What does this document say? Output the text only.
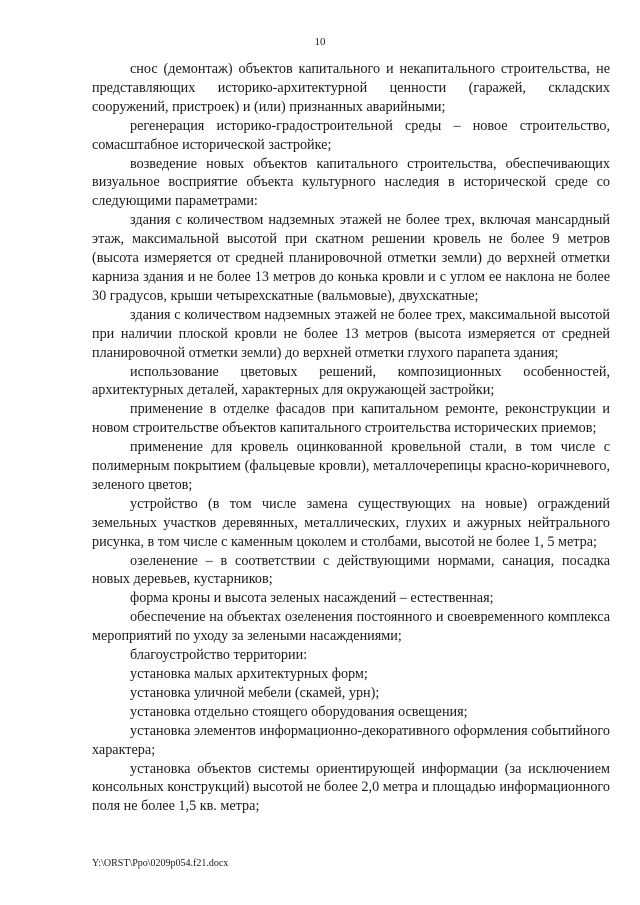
10

снос (демонтаж) объектов капитального и некапитального строительства, не представляющих историко-архитектурной ценности (гаражей, складских сооружений, пристроек) и (или) признанных аварийными;

регенерация историко-градостроительной среды – новое строительство, сомасштабное исторической застройке;

возведение новых объектов капитального строительства, обеспечивающих визуальное восприятие объекта культурного наследия в исторической среде со следующими параметрами:

здания с количеством надземных этажей не более трех, включая мансардный этаж, максимальной высотой при скатном решении кровель не более 9 метров (высота измеряется от средней планировочной отметки земли) до верхней отметки карниза здания и не более 13 метров до конька кровли и с углом ее наклона не более 30 градусов, крыши четырехскатные (вальмовые), двухскатные;

здания с количеством надземных этажей не более трех, максимальной высотой при наличии плоской кровли не более 13 метров (высота измеряется от средней планировочной отметки земли) до верхней отметки глухого парапета здания;

использование цветовых решений, композиционных особенностей, архитектурных деталей, характерных для окружающей застройки;

применение в отделке фасадов при капитальном ремонте, реконструкции и новом строительстве объектов капитального строительства исторических приемов;

применение для кровель оцинкованной кровельной стали, в том числе с полимерным покрытием (фальцевые кровли), металлочерепицы красно-коричневого, зеленого цветов;

устройство (в том числе замена существующих на новые) ограждений земельных участков деревянных, металлических, глухих и ажурных нейтрального рисунка, в том числе с каменным цоколем и столбами, высотой не более 1, 5 метра;

озеленение – в соответствии с действующими нормами, санация, посадка новых деревьев, кустарников;

форма кроны и высота зеленых насаждений – естественная;

обеспечение на объектах озеленения постоянного и своевременного комплекса мероприятий по уходу за зелеными насаждениями;

благоустройство территории:

установка малых архитектурных форм;

установка уличной мебели (скамей, урн);

установка отдельно стоящего оборудования освещения;

установка элементов информационно-декоративного оформления событийного характера;

установка объектов системы ориентирующей информации (за исключением консольных конструкций) высотой не более 2,0 метра и площадью информационного поля не более 1,5 кв. метра;

Y:\ORST\Ppo\0209p054.f21.docx
